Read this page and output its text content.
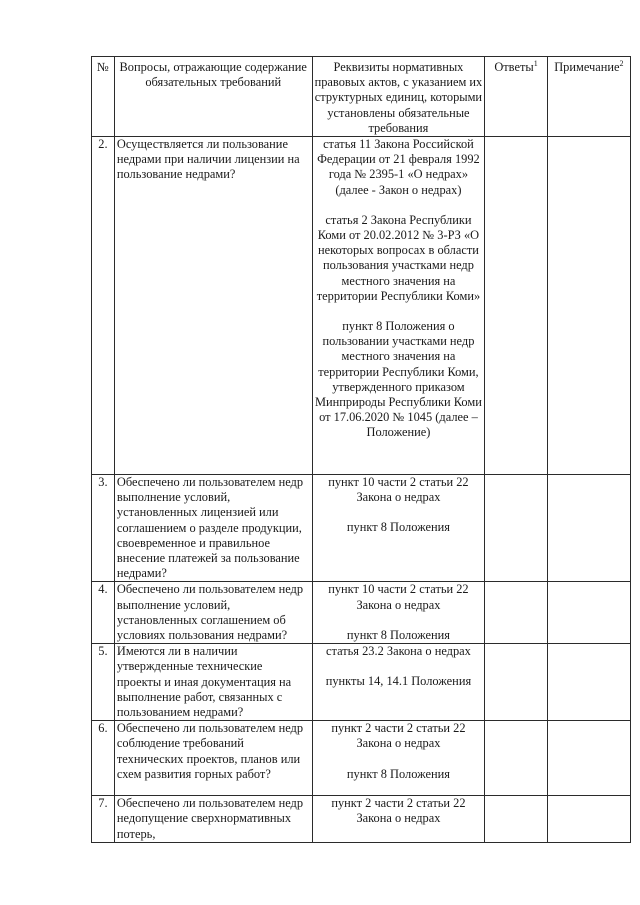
№	Вопросы, отражающие содержание обязательных требований	Реквизиты нормативных правовых актов, с указанием их структурных единиц, которыми установлены обязательные требования	Ответы$^1$	Примечание$^2$
2.	Осуществляется ли пользование недрами при наличии лицензии на пользование недрами?	статья 11 Закона Российской Федерации от 21 февраля 1992 года № 2395-1 «О недрах» (далее - Закон о недрах)
статья 2 Закона Республики Коми от 20.02.2012 № 3-РЗ «О некоторых вопросах в области пользования участками недр местного значения на территории Республики Коми»
пункт 8 Положения о пользовании участками недр местного значения на территории Республики Коми, утвержденного приказом Минприроды Республики Коми от 17.06.2020 № 1045 (далее – Положение)		

3.	Обеспечено ли пользователем недр выполнение условий, установленных лицензией или соглашением о разделе продукции, своевременное и правильное внесение платежей за пользование недрами?	пункт 10 части 2 статьи 22 Закона о недрах
пункт 8 Положения		

4.	Обеспечено ли пользователем недр выполнение условий, установленных соглашением об условиях пользования недрами?	пункт 10 части 2 статьи 22 Закона о недрах
пункт 8 Положения		

5.	Имеются ли в наличии утвержденные технические проекты и иная документация на выполнение работ, связанных с пользованием недрами?	статья 23.2 Закона о недрах
пункты 14, 14.1 Положения		

6.	Обеспечено ли пользователем недр соблюдение требований технических проектов, планов или схем развития горных работ?	пункт 2 части 2 статьи 22 Закона о недрах
пункт 8 Положения		

7.	Обеспечено ли пользователем недр недопущение сверхнормативных потерь,	пункт 2 части 2 статьи 22 Закона о недрах		
